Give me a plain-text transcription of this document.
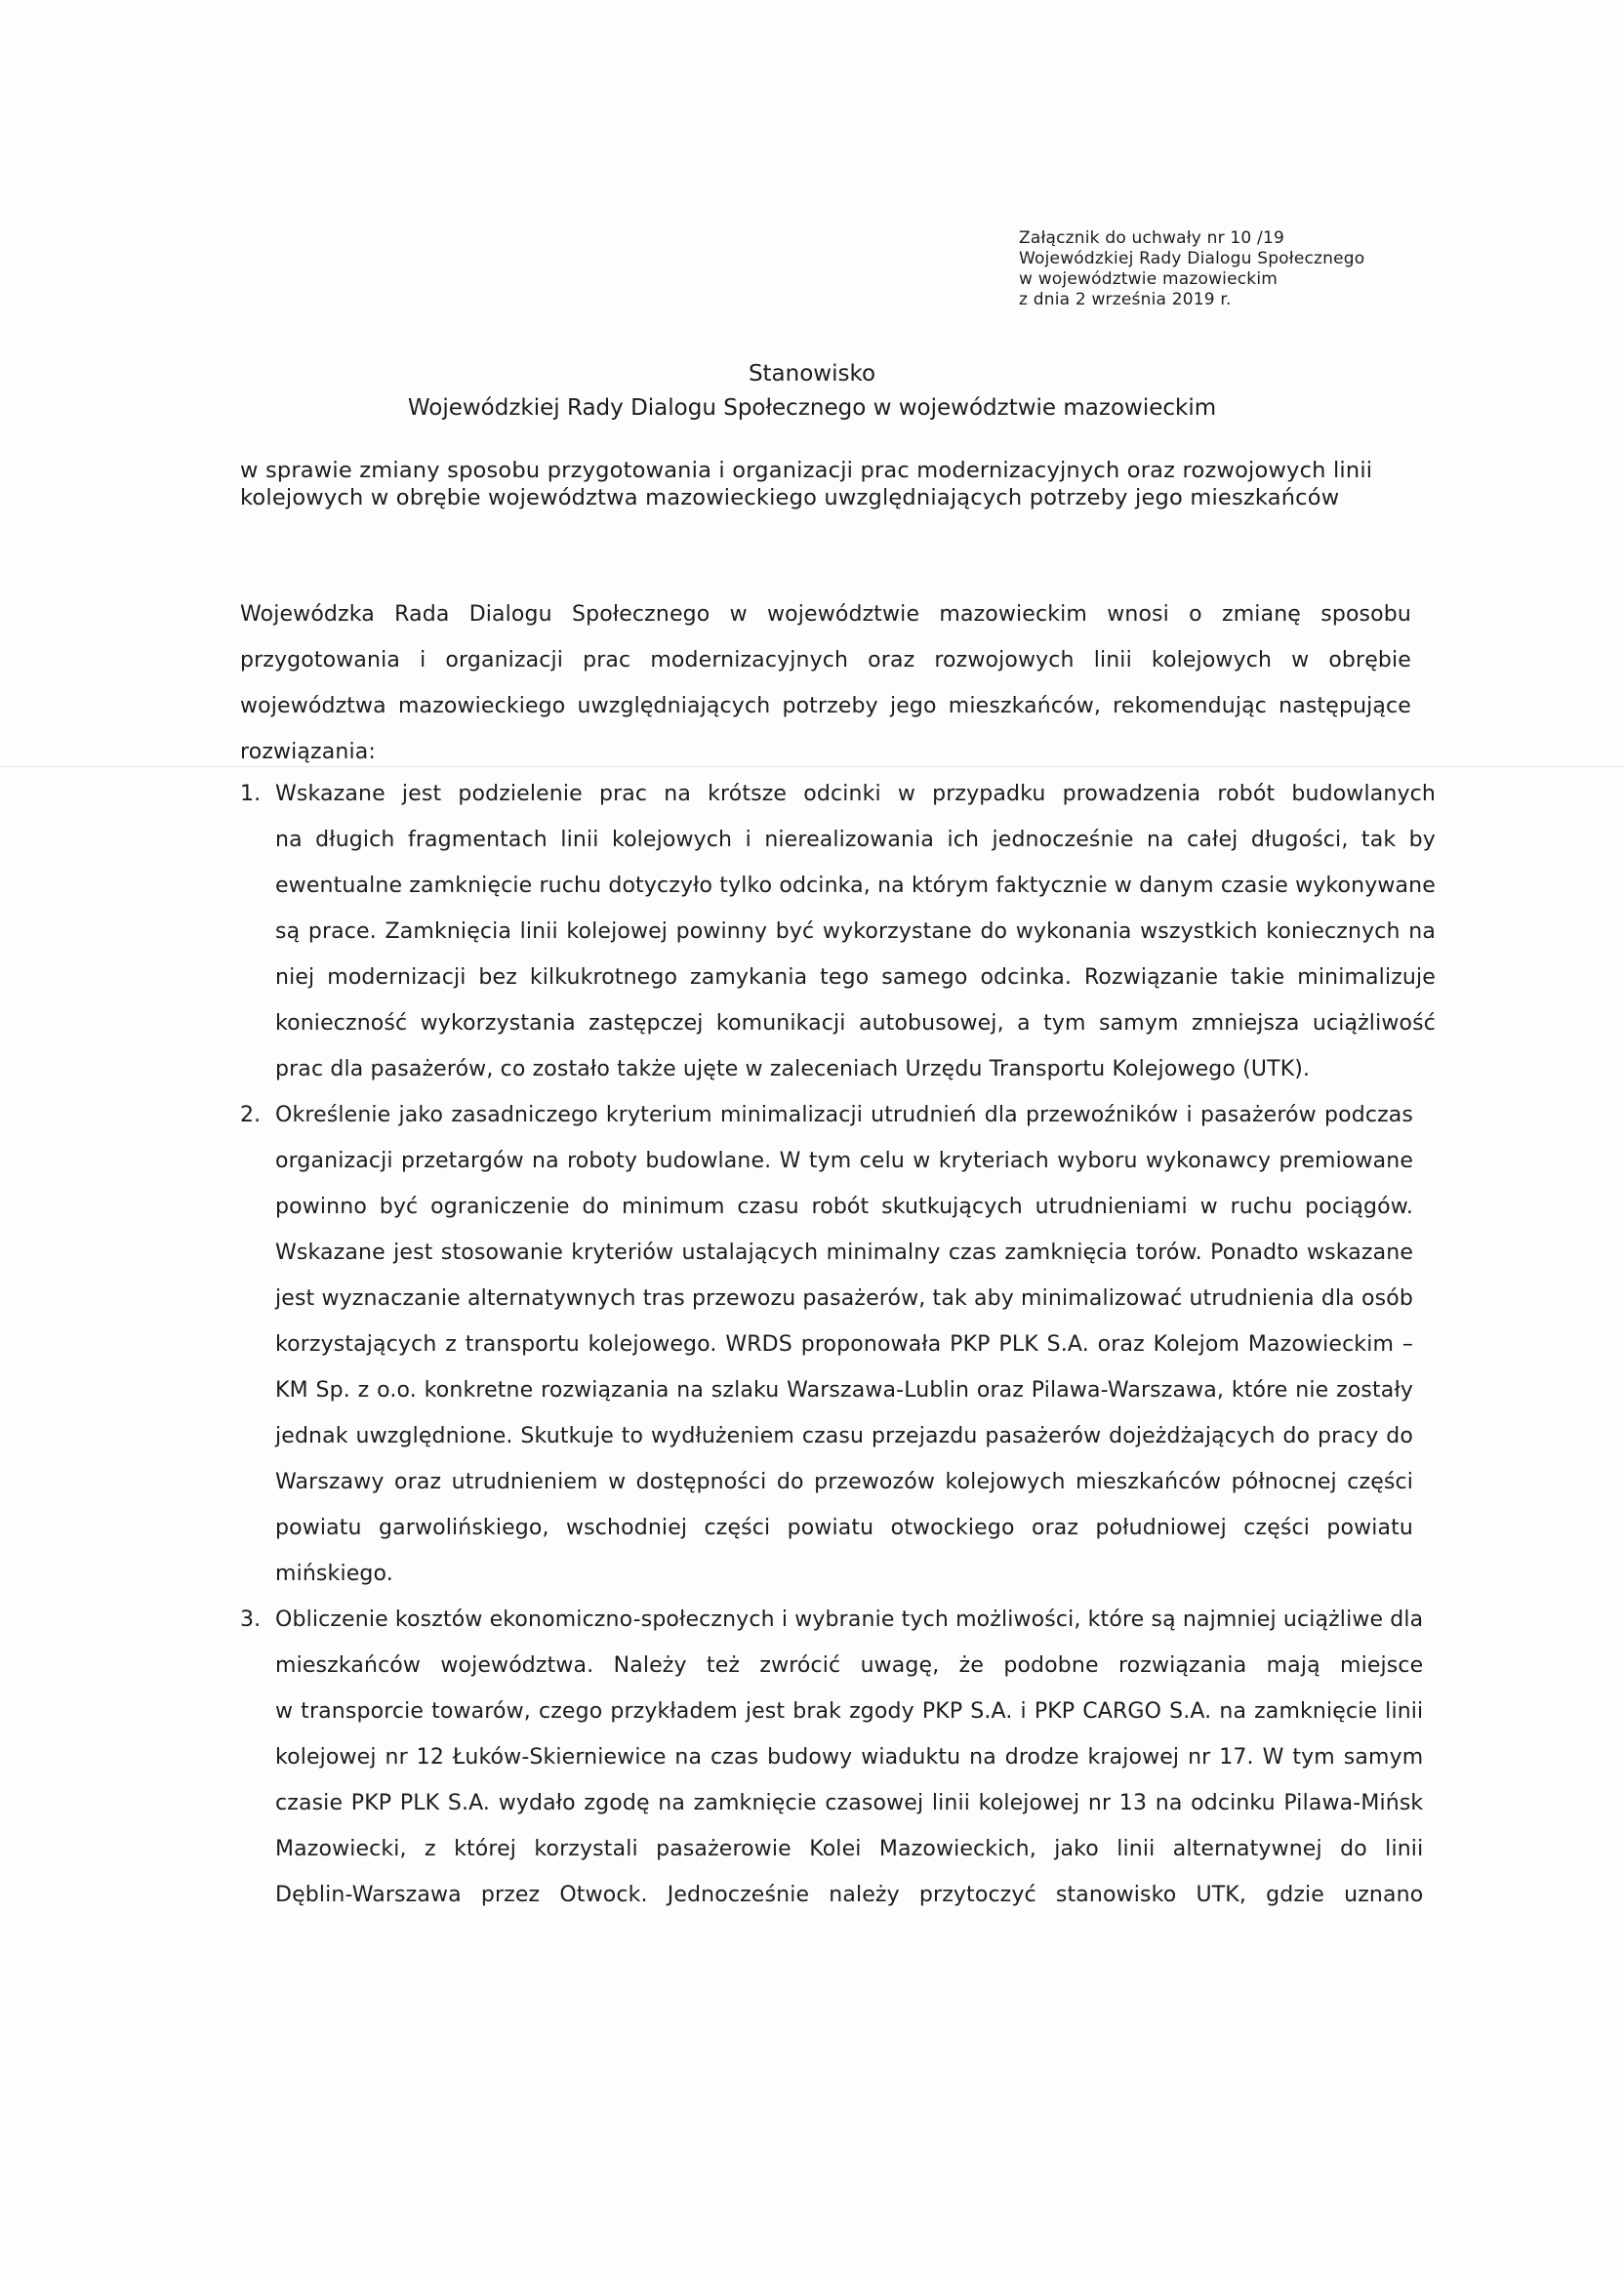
Załącznik do uchwały nr 10 /19
Wojewódzkiej Rady Dialogu Społecznego
w województwie mazowieckim
z dnia 2 września 2019 r.
Stanowisko
Wojewódzkiej Rady Dialogu Społecznego w województwie mazowieckim
w sprawie zmiany sposobu przygotowania i organizacji prac modernizacyjnych oraz rozwojowych linii
kolejowych w obrębie województwa mazowieckiego uwzględniających potrzeby jego mieszkańców
Wojewódzka Rada Dialogu Społecznego w województwie mazowieckim wnosi o zmianę sposobu przygotowania i organizacji prac modernizacyjnych oraz rozwojowych linii kolejowych w obrębie województwa mazowieckiego uwzględniających potrzeby jego mieszkańców, rekomendując następujące rozwiązania:
1. Wskazane jest podzielenie prac na krótsze odcinki w przypadku prowadzenia robót budowlanych
na długich fragmentach linii kolejowych i nierealizowania ich jednocześnie na całej długości, tak by
ewentualne zamknięcie ruchu dotyczyło tylko odcinka, na którym faktycznie w danym czasie wykonywane
są prace. Zamknięcia linii kolejowej powinny być wykorzystane do wykonania wszystkich koniecznych na
niej modernizacji bez kilkukrotnego zamykania tego samego odcinka. Rozwiązanie takie minimalizuje
konieczność wykorzystania zastępczej komunikacji autobusowej, a tym samym zmniejsza uciążliwość
prac dla pasażerów, co zostało także ujęte w zaleceniach Urzędu Transportu Kolejowego (UTK).
2. Określenie jako zasadniczego kryterium minimalizacji utrudnień dla przewoźników i pasażerów podczas
organizacji przetargów na roboty budowlane. W tym celu w kryteriach wyboru wykonawcy premiowane
powinno być ograniczenie do minimum czasu robót skutkujących utrudnieniami w ruchu pociągów.
Wskazane jest stosowanie kryteriów ustalających minimalny czas zamknięcia torów. Ponadto wskazane
jest wyznaczanie alternatywnych tras przewozu pasażerów, tak aby minimalizować utrudnienia dla osób
korzystających z transportu kolejowego. WRDS proponowała PKP PLK S.A. oraz Kolejom Mazowieckim –
KM Sp. z o.o. konkretne rozwiązania na szlaku Warszawa-Lublin oraz Pilawa-Warszawa, które nie zostały
jednak uwzględnione. Skutkuje to wydłużeniem czasu przejazdu pasażerów dojeżdżających do pracy do
Warszawy oraz utrudnieniem w dostępności do przewozów kolejowych mieszkańców północnej części
powiatu garwolińskiego, wschodniej części powiatu otwockiego oraz południowej części powiatu
mińskiego.
3. Obliczenie kosztów ekonomiczno-społecznych i wybranie tych możliwości, które są najmniej uciążliwe dla
mieszkańców województwa. Należy też zwrócić uwagę, że podobne rozwiązania mają miejsce
w transporcie towarów, czego przykładem jest brak zgody PKP S.A. i PKP CARGO S.A. na zamknięcie linii
kolejowej nr 12 Łuków-Skierniewice na czas budowy wiaduktu na drodze krajowej nr 17. W tym samym
czasie PKP PLK S.A. wydało zgodę na zamknięcie czasowej linii kolejowej nr 13 na odcinku Pilawa-Mińsk
Mazowiecki, z której korzystali pasażerowie Kolei Mazowieckich, jako linii alternatywnej do linii
Dęblin-Warszawa przez Otwock. Jednocześnie należy przytoczyć stanowisko UTK, gdzie uznano
